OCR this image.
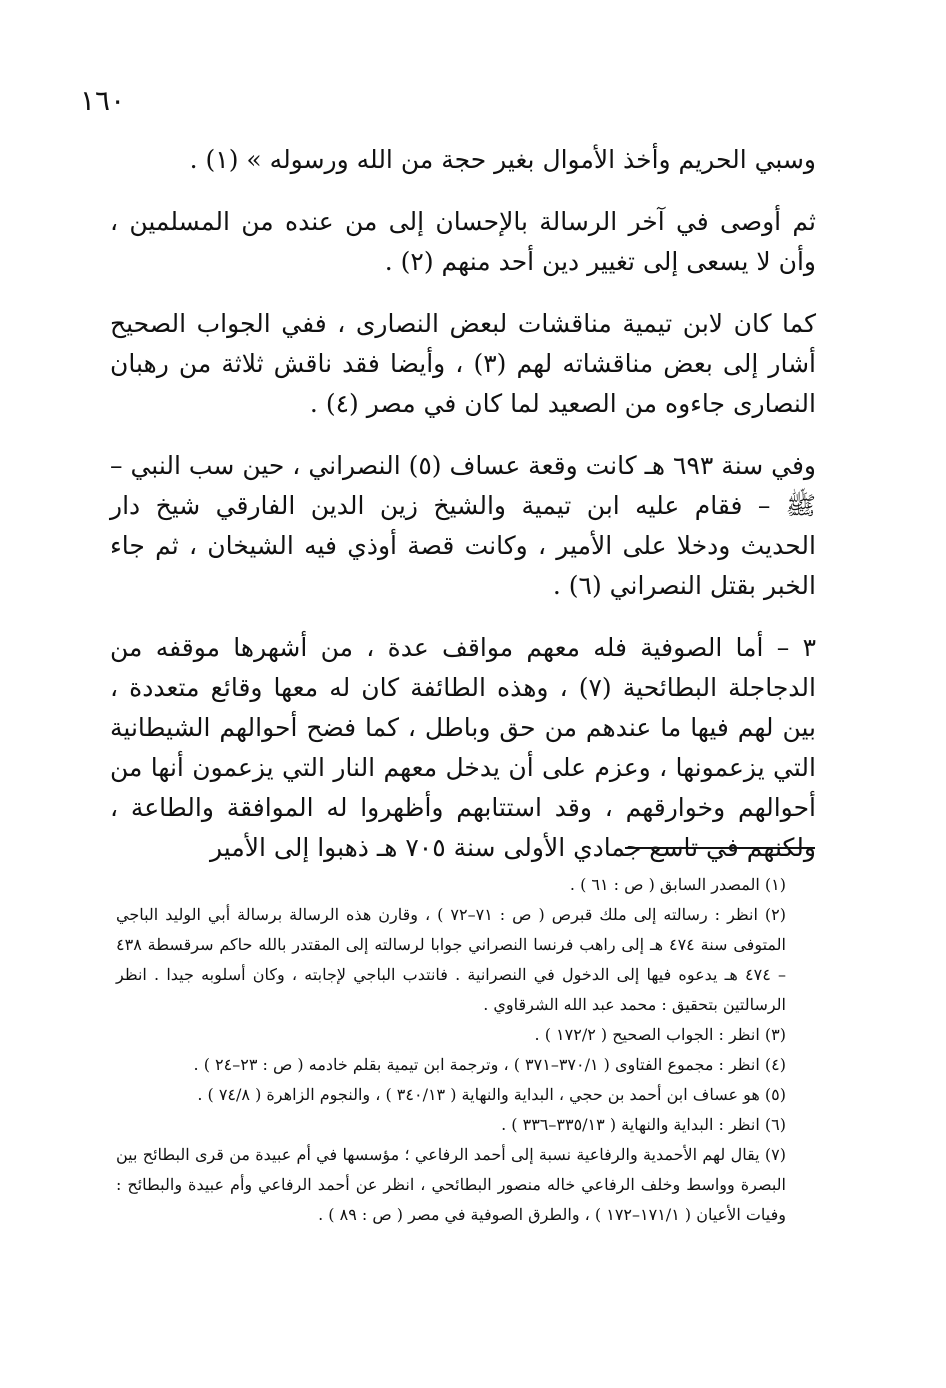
١٦٠

وسبي الحريم وأخذ الأموال بغير حجة من الله ورسوله » (١) .

ثم أوصى في آخر الرسالة بالإحسان إلى من عنده من المسلمين ، وأن لا يسعى إلى تغيير دين أحد منهم (٢) .

كما كان لابن تيمية مناقشات لبعض النصارى ، ففي الجواب الصحيح أشار إلى بعض مناقشاته لهم (٣) ، وأيضا فقد ناقش ثلاثة من رهبان النصارى جاءوه من الصعيد لما كان في مصر (٤) .

وفي سنة ٦٩٣ هـ كانت وقعة عساف (٥) النصراني ، حين سب النبي – ﷺ – فقام عليه ابن تيمية والشيخ زين الدين الفارقي شيخ دار الحديث ودخلا على الأمير ، وكانت قصة أوذي فيه الشيخان ، ثم جاء الخبر بقتل النصراني (٦) .

٣ – أما الصوفية فله معهم مواقف عدة ، من أشهرها موقفه من الدجاجلة البطائحية (٧) ، وهذه الطائفة كان له معها وقائع متعددة ، بين لهم فيها ما عندهم من حق وباطل ، كما فضح أحوالهم الشيطانية التي يزعمونها ، وعزم على أن يدخل معهم النار التي يزعمون أنها من أحوالهم وخوارقهم ، وقد استتابهم وأظهروا له الموافقة والطاعة ، ولكنهم في تاسع جمادي الأولى سنة ٧٠٥ هـ ذهبوا إلى الأمير

(١) المصدر السابق ( ص : ٦١ ) .

(٢) انظر : رسالته إلى ملك قبرص ( ص : ٧١–٧٢ ) ، وقارن هذه الرسالة برسالة أبي الوليد الباجي المتوفى سنة ٤٧٤ هـ إلى راهب فرنسا النصراني جوابا لرسالته إلى المقتدر بالله حاكم سرقسطة ٤٣٨ – ٤٧٤ هـ يدعوه فيها إلى الدخول في النصرانية . فانتدب الباجي لإجابته ، وكان أسلوبه جيدا . انظر الرسالتين بتحقيق : محمد عبد الله الشرقاوي .

(٣) انظر : الجواب الصحيح ( ١٧٢/٢ ) .

(٤) انظر : مجموع الفتاوى ( ٣٧٠/١–٣٧١ ) ، وترجمة ابن تيمية بقلم خادمه ( ص : ٢٣–٢٤ ) .

(٥) هو عساف ابن أحمد بن حجي ، البداية والنهاية ( ٣٤٠/١٣ ) ، والنجوم الزاهرة ( ٧٤/٨ ) .

(٦) انظر : البداية والنهاية ( ٣٣٥/١٣–٣٣٦ ) .

(٧) يقال لهم الأحمدية والرفاعية نسبة إلى أحمد الرفاعي ؛ مؤسسها في أم عبيدة من قرى البطائح بين البصرة وواسط وخلف الرفاعي خاله منصور البطائحي ، انظر عن أحمد الرفاعي وأم عبيدة والبطائح : وفيات الأعيان ( ١٧١/١–١٧٢ ) ، والطرق الصوفية في مصر ( ص : ٨٩ ) .
